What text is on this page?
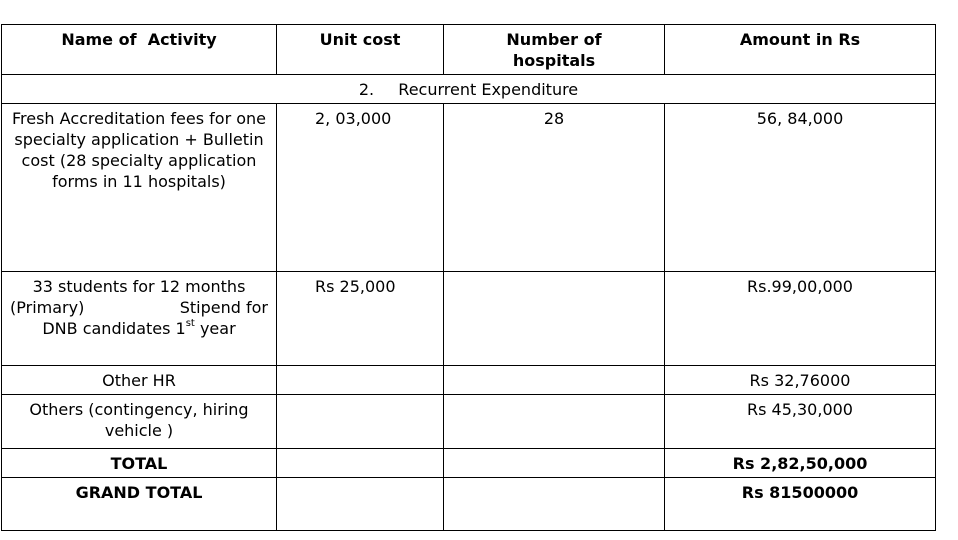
Name of  Activity	Unit cost	Number of hospitals	Amount in Rs
2. Recurrent Expenditure			
Fresh Accreditation fees for one specialty application + Bulletin cost (28 specialty application forms in 11 hospitals)	2, 03,000	28	56, 84,000

33 students for 12 months
(Primary) Stipend for
DNB candidates 1st year	Rs 25,000		Rs.99,00,000
Other HR			Rs 32,76000
Others (contingency, hiring vehicle )			Rs 45,30,000
TOTAL			Rs 2,82,50,000
GRAND TOTAL			Rs 81500000
